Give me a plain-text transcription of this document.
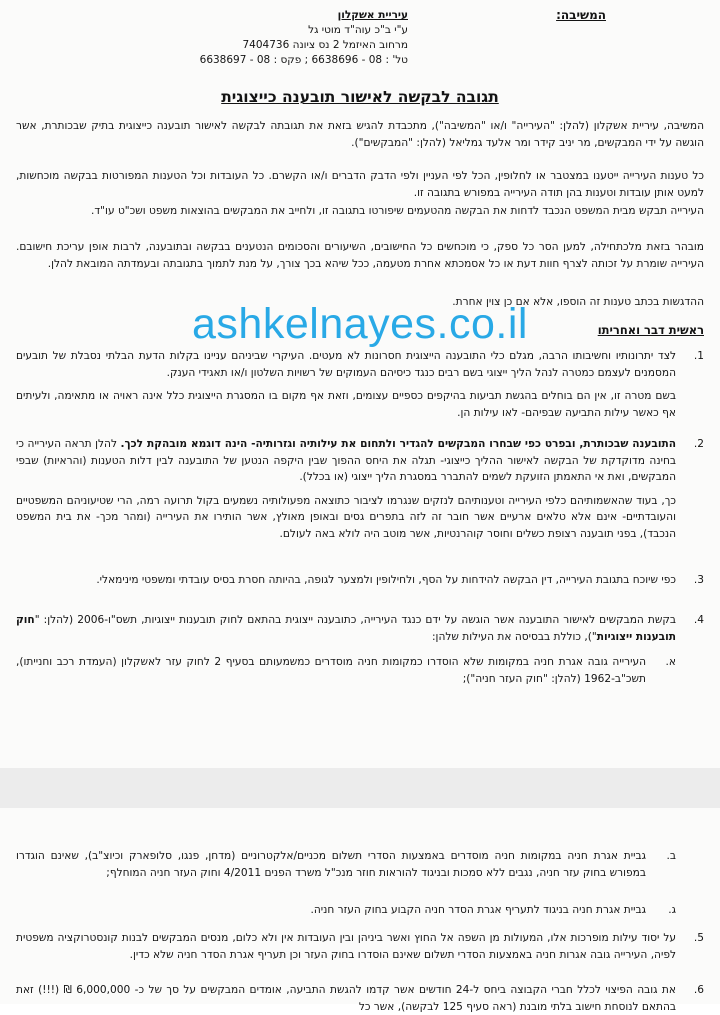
המשיבה:
עיריית אשקלון
ע"י ב"כ עוה"ד מוטי גל
מרחוב האיזמל 2 נס ציונה 7404736
טל' : 08 - 6638696 ; פקס : 08 - 6638697
תגובה לבקשה לאישור תובענה כייצוגית
המשיבה, עיריית אשקלון (להלן: "העירייה" ו/או "המשיבה"), מתכבדת להגיש בזאת את תגובתה לבקשה לאישור תובענה כייצוגית בתיק שבכותרת, אשר הוגשה על ידי המבקשים, מר יניב קידר ומר אלעד גמליאל (להלן: "המבקשים").
כל טענות העירייה ייטענו במצטבר או לחלופין, הכל לפי העניין ולפי הדבק הדברים ו/או הקשרם. כל העובדות וכל הטענות המפורטות בבקשה מוכחשות, למעט אותן עובדות וטענות בהן תודה העירייה במפורש בתגובה זו.
העירייה תבקש מבית המשפט הנכבד לדחות את הבקשה מהטעמים שיפורטו בתגובה זו, ולחייב את המבקשים בהוצאות משפט ושכ"ט עו"ד.
מובהר בזאת מלכתחילה, למען הסר כל ספק, כי מוכחשים כל החישובים, השיעורים והסכומים הנטענים בבקשה ובתובענה, לרבות אופן עריכת חישובם. העירייה שומרת על זכותה לצרף חוות דעת או כל אסמכתא אחרת מטעמה, ככל שיהא בכך צורך, על מנת לתמוך בתגובתה ובעמדתה המובאת להלן.
ההדגשות בכתב טענות זה הוספו, אלא אם כן צוין אחרת.
ראשית דבר ואחריתו
1.

לצד יתרונותיו וחשיבותו הרבה, מגלם כלי התובענה הייצוגית חסרונות לא מעטים. העיקרי שביניהם עניינו בקלות הדעת הבלתי נסבלת של תובעים המסמנים לעצמם כמטרה לנהל הליך ייצוגי בשם רבים כנגד כיסיהם העמוקים של רשויות השלטון ו/או תאגידי הענק.

בשם מטרה זו, אין הם בוחלים בהגשת תביעות בהיקפים כספיים עצומים, וזאת אף מקום בו המסגרת הייצוגית כלל אינה ראויה או מתאימה, ולעיתים אף כאשר עילות התביעה שבפיהם- לאו עילות הן.

2.

התובענה שבכותרת, ובפרט כפי שבחרו המבקשים להגדיר ולתחום את עילותיה וגזרותיה- הינה דוגמא מובהקת לכך. להלן תראה העירייה כי בחינה מדוקדקת של הבקשה לאישור ההליך כייצוגי- תגלה את היחס ההפוך שבין היקפה הנטען של התובענה לבין דלות הטענות (והראיות) שבפי המבקשים, ואת אי התאמתן הזועקת לשמים להתברר במסגרת הליך ייצוגי (או בכלל).

כך, בעוד שהאשמותיהם כלפי העירייה וטענותיהם לנזקים שנגרמו לציבור כתוצאה מפעולותיה נשמעים בקול תרועה רמה, הרי שטיעוניהם המשפטיים והעובדתיים- אינם אלא טלאים ארעיים אשר חובר זה לזה בתפרים גסים ובאופן מאולץ, אשר הותירו את העירייה (ומהר מכך- את בית המשפט הנכבד), בפני תובענה רצופת כשלים וחוסר קוהרנטיות, אשר מוטב היה לולא באה לעולם.

3.
כפי שיוכח בתגובת העירייה, דין הבקשה להידחות על הסף, ולחילופין ולמצער לגופה, בהיותה חסרת בסיס עובדתי ומשפטי מינימאלי.
4.
בקשת המבקשים לאישור התובענה אשר הוגשה על ידם כנגד העירייה, כתובענה ייצוגית בהתאם לחוק תובענות ייצוגיות, תשס"ו-2006 (להלן: "חוק תובענות ייצוגיות"), כוללת בבסיסה את העילות שלהן:
א.
העירייה גובה אגרת חניה במקומות שלא הוסדרו כמקומות חניה מוסדרים כמשמעותם בסעיף 2 לחוק עזר לאשקלון (העמדת רכב וחנייתו), תשכ"ב-1962 (להלן: "חוק העזר חניה");
ashkelnayes.co.il
ב.
גביית אגרת חניה במקומות חניה מוסדרים באמצעות הסדרי תשלום מכניים/אלקטרוניים (מדחן, פנגו, סלופארק וכיוצ"ב), שאינם הוגדרו במפורש בחוק עזר חניה, נגבים ללא סמכות ובניגוד להוראות חוזר מנכ"ל משרד הפנים 4/2011 וחוק העזר חניה המוחלף;
ג.
גביית אגרת חניה בניגוד לתעריף אגרת הסדר חניה הקבוע בחוק העזר חניה.
5.
על יסוד עילות מופרכות אלו, המעולות מן השפה אל החוץ ואשר ביניהן ובין העובדות אין ולא כלום, מנסים המבקשים לבנות קונסטרוקציה משפטית לפיה, העירייה גובה אגרות חניה באמצעות הסדרי תשלום שאינם הוסדרו בחוק העזר וכן תעריף אגרת הסדר חניה שלא כדין.
6.
את גובה הפיצוי לכלל חברי הקבוצה ביחס ל-24 חודשים אשר קדמו להגשת התביעה, אומדים המבקשים על סך של כ- 6,000,000 ₪ (!!!) זאת בהתאם לנוסחת חישוב בלתי מובנת (ראה סעיף 125 לבקשה), אשר כל
